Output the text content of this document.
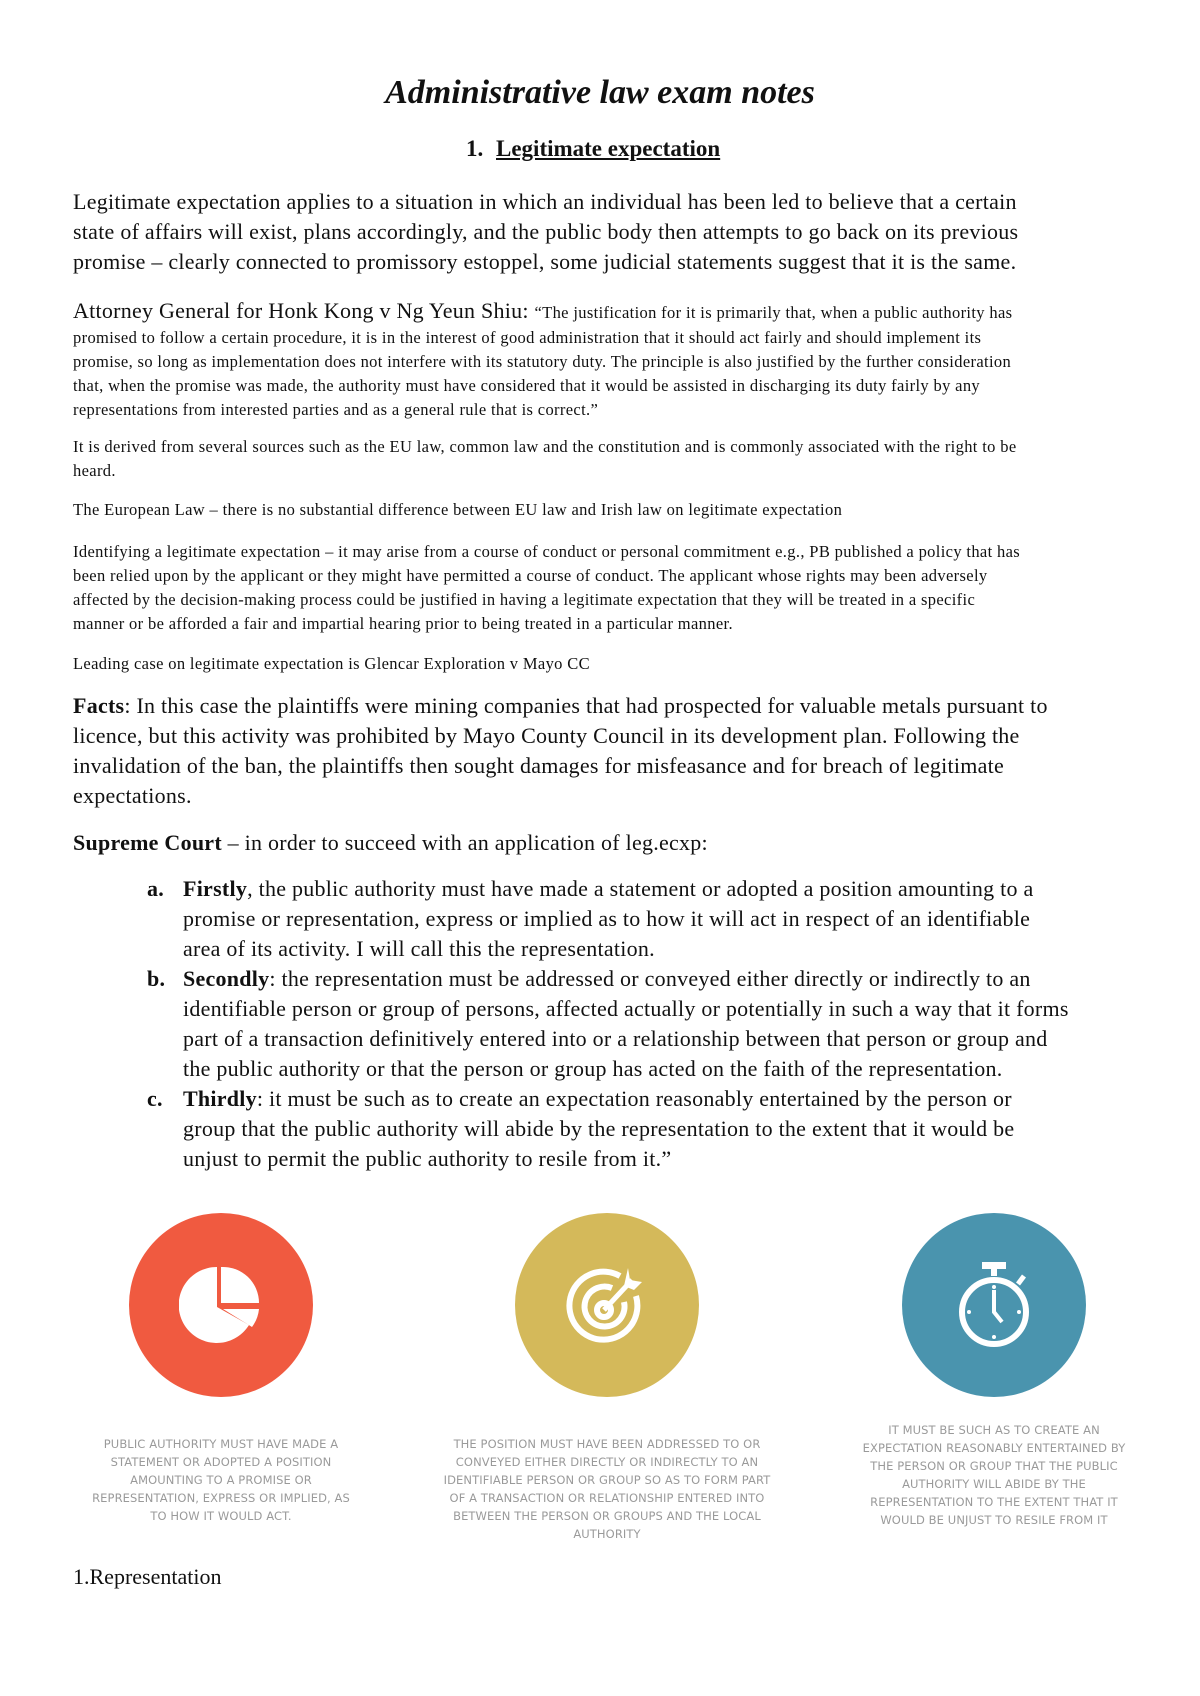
Administrative law exam notes
1. Legitimate expectation
Legitimate expectation applies to a situation in which an individual has been led to believe that a certain
state of affairs will exist, plans accordingly, and the public body then attempts to go back on its previous
promise – clearly connected to promissory estoppel, some judicial statements suggest that it is the same.
Attorney General for Honk Kong v Ng Yeun Shiu: “The justification for it is primarily that, when a public authority has
promised to follow a certain procedure, it is in the interest of good administration that it should act fairly and should implement its
promise, so long as implementation does not interfere with its statutory duty. The principle is also justified by the further consideration
that, when the promise was made, the authority must have considered that it would be assisted in discharging its duty fairly by any
representations from interested parties and as a general rule that is correct.”
It is derived from several sources such as the EU law, common law and the constitution and is commonly associated with the right to be
heard.
The European Law – there is no substantial difference between EU law and Irish law on legitimate expectation
Identifying a legitimate expectation – it may arise from a course of conduct or personal commitment e.g., PB published a policy that has
been relied upon by the applicant or they might have permitted a course of conduct. The applicant whose rights may been adversely
affected by the decision-making process could be justified in having a legitimate expectation that they will be treated in a specific
manner or be afforded a fair and impartial hearing prior to being treated in a particular manner.
Leading case on legitimate expectation is Glencar Exploration v Mayo CC
Facts: In this case the plaintiffs were mining companies that had prospected for valuable metals pursuant to
licence, but this activity was prohibited by Mayo County Council in its development plan. Following the
invalidation of the ban, the plaintiffs then sought damages for misfeasance and for breach of legitimate
expectations.
Supreme Court – in order to succeed with an application of leg.ecxp:
a. Firstly, the public authority must have made a statement or adopted a position amounting to a
promise or representation, express or implied as to how it will act in respect of an identifiable
area of its activity. I will call this the representation.
b. Secondly: the representation must be addressed or conveyed either directly or indirectly to an
identifiable person or group of persons, affected actually or potentially in such a way that it forms
part of a transaction definitively entered into or a relationship between that person or group and
the public authority or that the person or group has acted on the faith of the representation.
c. Thirdly: it must be such as to create an expectation reasonably entertained by the person or
group that the public authority will abide by the representation to the extent that it would be
unjust to permit the public authority to resile from it.”
PUBLIC AUTHORITY MUST HAVE MADE A
STATEMENT OR ADOPTED A POSITION
AMOUNTING TO A PROMISE OR
REPRESENTATION, EXPRESS OR IMPLIED, AS
TO HOW IT WOULD ACT.
THE POSITION MUST HAVE BEEN ADDRESSED TO OR
CONVEYED EITHER DIRECTLY OR INDIRECTLY TO AN
IDENTIFIABLE PERSON OR GROUP SO AS TO FORM PART
OF A TRANSACTION OR RELATIONSHIP ENTERED INTO
BETWEEN THE PERSON OR GROUPS AND THE LOCAL
AUTHORITY
IT MUST BE SUCH AS TO CREATE AN
EXPECTATION REASONABLY ENTERTAINED BY
THE PERSON OR GROUP THAT THE PUBLIC
AUTHORITY WILL ABIDE BY THE
REPRESENTATION TO THE EXTENT THAT IT
WOULD BE UNJUST TO RESILE FROM IT
1.Representation
